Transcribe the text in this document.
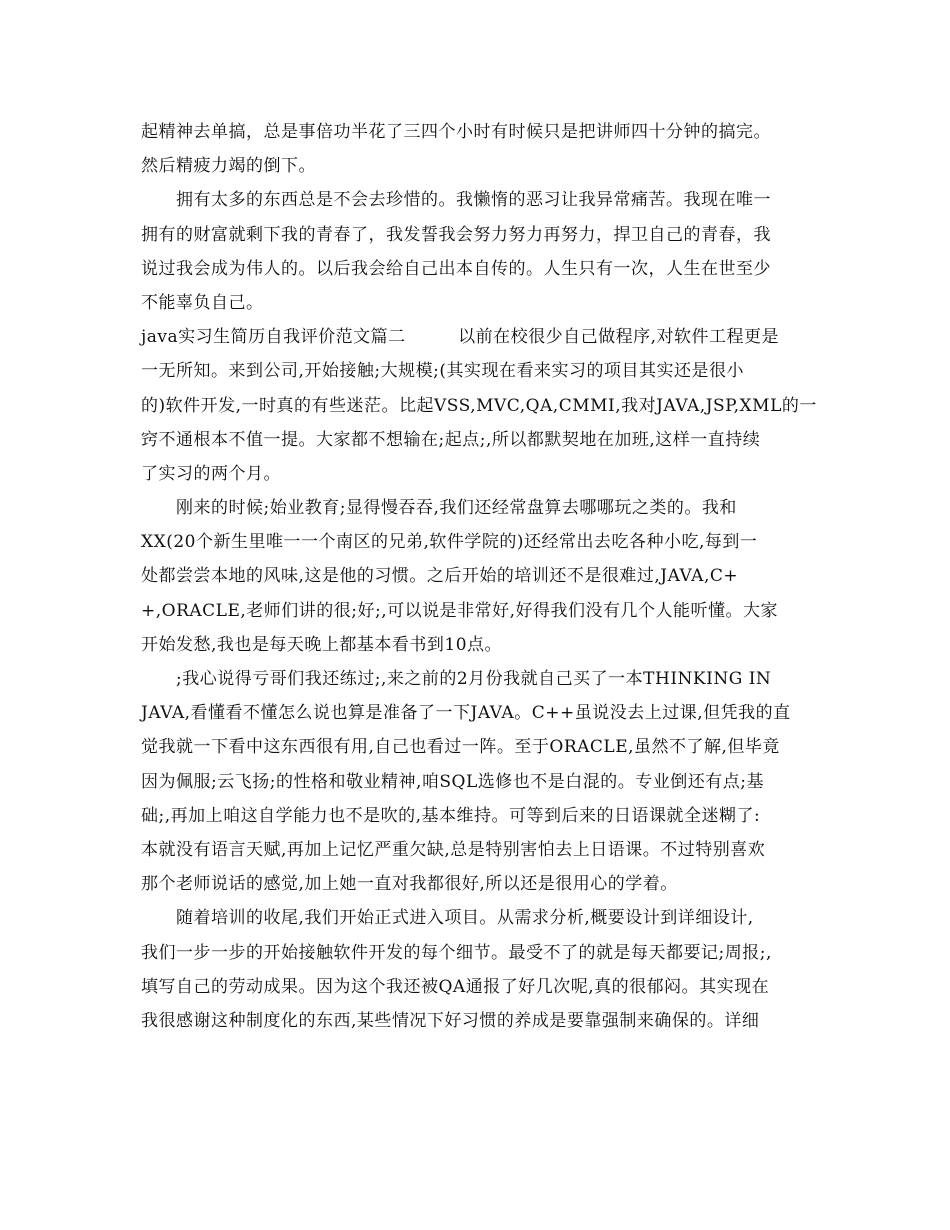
起精神去单搞，总是事倍功半花了三四个小时有时候只是把讲师四十分钟的搞完。
然后精疲力竭的倒下。
　　拥有太多的东西总是不会去珍惜的。我懒惰的恶习让我异常痛苦。我现在唯一
拥有的财富就剩下我的青春了，我发誓我会努力努力再努力，捍卫自己的青春，我
说过我会成为伟人的。以后我会给自己出本自传的。人生只有一次，人生在世至少
不能辜负自己。
java实习生简历自我评价范文篇二　　　以前在校很少自己做程序,对软件工程更是
一无所知。来到公司,开始接触;大规模;(其实现在看来实习的项目其实还是很小
的)软件开发,一时真的有些迷茫。比起VSS,MVC,QA,CMMI,我对JAVA,JSP,XML的一
窍不通根本不值一提。大家都不想输在;起点;,所以都默契地在加班,这样一直持续
了实习的两个月。
　　刚来的时候;始业教育;显得慢吞吞,我们还经常盘算去哪哪玩之类的。我和
XX(20个新生里唯一一个南区的兄弟,软件学院的)还经常出去吃各种小吃,每到一
处都尝尝本地的风味,这是他的习惯。之后开始的培训还不是很难过,JAVA,C+
+,ORACLE,老师们讲的很;好;,可以说是非常好,好得我们没有几个人能听懂。大家
开始发愁,我也是每天晚上都基本看书到10点。
　　;我心说得亏哥们我还练过;,来之前的2月份我就自己买了一本THINKING IN
JAVA,看懂看不懂怎么说也算是准备了一下JAVA。C++虽说没去上过课,但凭我的直
觉我就一下看中这东西很有用,自己也看过一阵。至于ORACLE,虽然不了解,但毕竟
因为佩服;云飞扬;的性格和敬业精神,咱SQL选修也不是白混的。专业倒还有点;基
础;,再加上咱这自学能力也不是吹的,基本维持。可等到后来的日语课就全迷糊了:
本就没有语言天赋,再加上记忆严重欠缺,总是特别害怕去上日语课。不过特别喜欢
那个老师说话的感觉,加上她一直对我都很好,所以还是很用心的学着。
　　随着培训的收尾,我们开始正式进入项目。从需求分析,概要设计到详细设计,
我们一步一步的开始接触软件开发的每个细节。最受不了的就是每天都要记;周报;,
填写自己的劳动成果。因为这个我还被QA通报了好几次呢,真的很郁闷。其实现在
我很感谢这种制度化的东西,某些情况下好习惯的养成是要靠强制来确保的。详细
